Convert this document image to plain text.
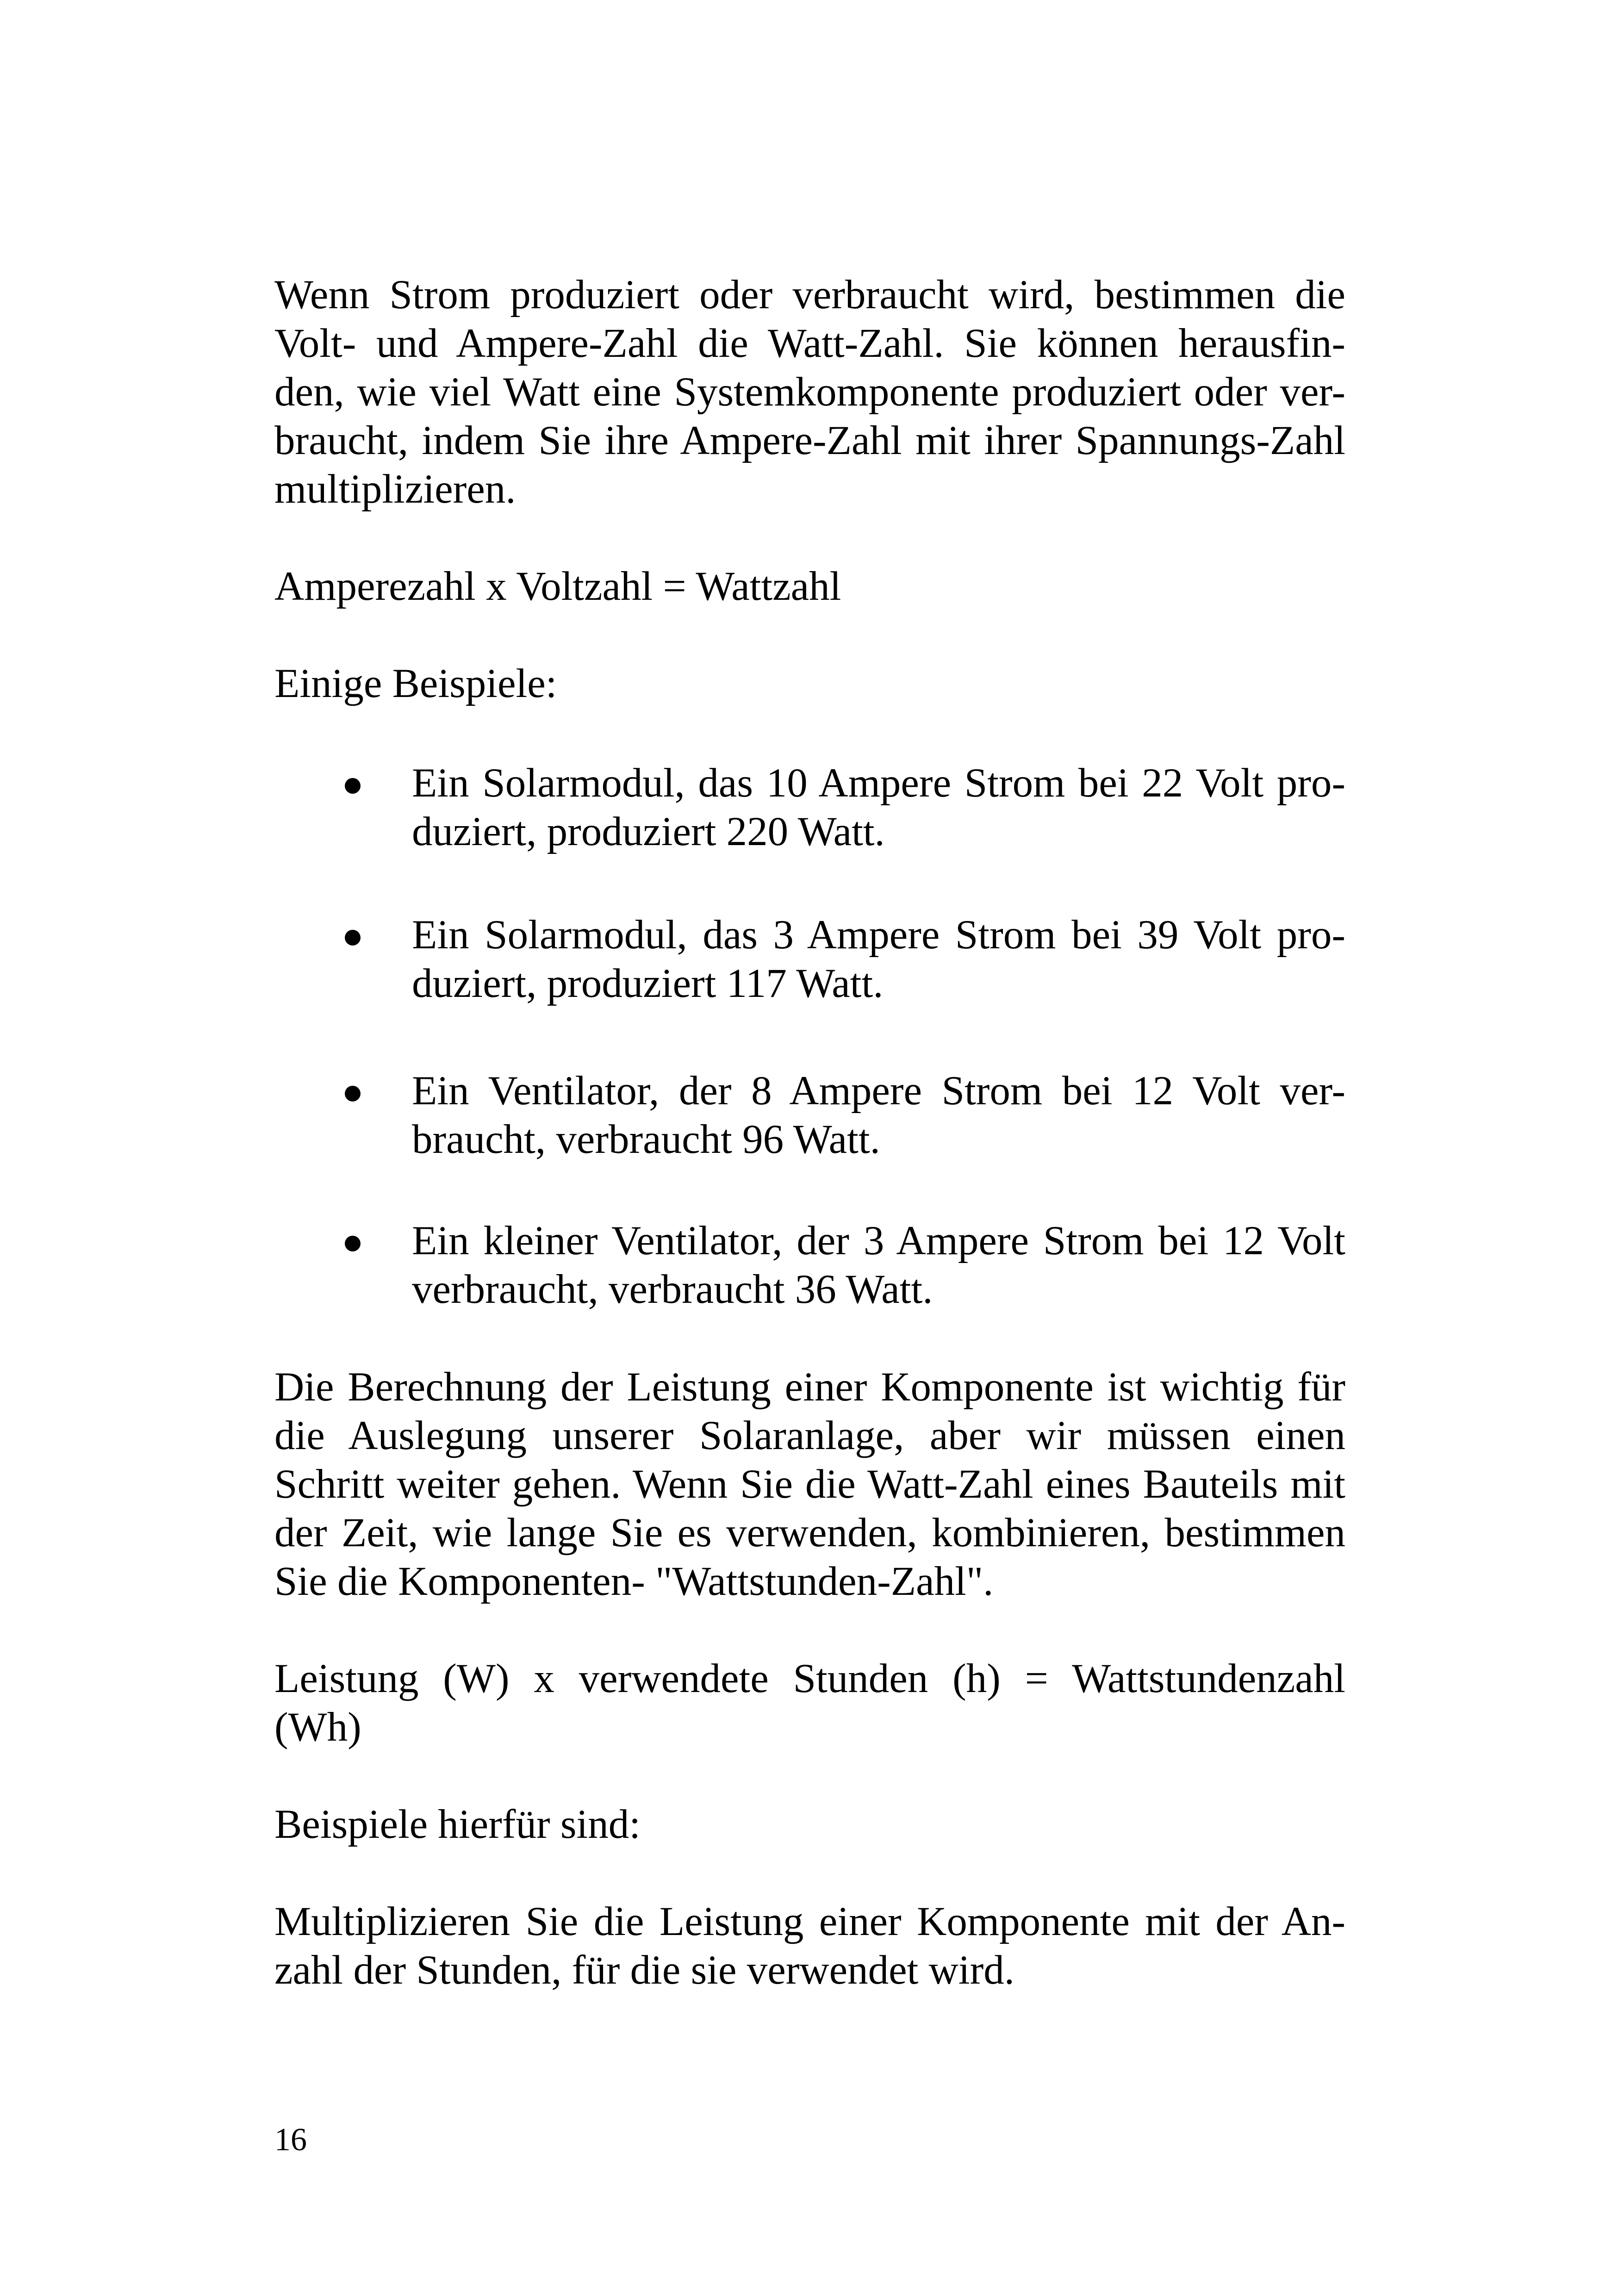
Wenn Strom produziert oder verbraucht wird, bestimmen die
Volt- und Ampere-Zahl die Watt-Zahl. Sie können herausfin-
den, wie viel Watt eine Systemkomponente produziert oder ver-
braucht, indem Sie ihre Ampere-Zahl mit ihrer Spannungs-Zahl
multiplizieren.
Amperezahl x Voltzahl = Wattzahl
Einige Beispiele:
Ein Solarmodul, das 10 Ampere Strom bei 22 Volt pro-
duziert, produziert 220 Watt.
Ein Solarmodul, das 3 Ampere Strom bei 39 Volt pro-
duziert, produziert 117 Watt.
Ein Ventilator, der 8 Ampere Strom bei 12 Volt ver-
braucht, verbraucht 96 Watt.
Ein kleiner Ventilator, der 3 Ampere Strom bei 12 Volt
verbraucht, verbraucht 36 Watt.
Die Berechnung der Leistung einer Komponente ist wichtig für
die Auslegung unserer Solaranlage, aber wir müssen einen
Schritt weiter gehen. Wenn Sie die Watt-Zahl eines Bauteils mit
der Zeit, wie lange Sie es verwenden, kombinieren, bestimmen
Sie die Komponenten- "Wattstunden-Zahl".
Leistung (W) x verwendete Stunden (h) = Wattstundenzahl
(Wh)
Beispiele hierfür sind:
Multiplizieren Sie die Leistung einer Komponente mit der An-
zahl der Stunden, für die sie verwendet wird.
16
